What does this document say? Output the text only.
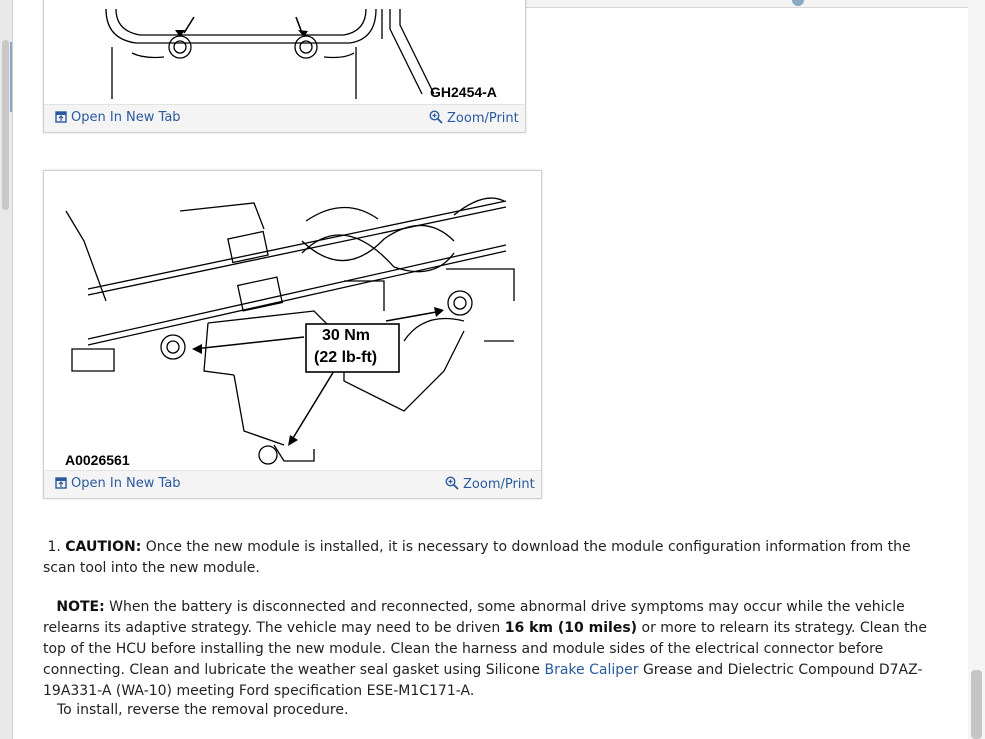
GH2454-A
Open In New Tab	Zoom/Print
30 Nm
(22 lb-ft)
A0026561
Open In New Tab	Zoom/Print

1. CAUTION: Once the new module is installed, it is necessary to download the module configuration information from the scan tool into the new module.

NOTE: When the battery is disconnected and reconnected, some abnormal drive symptoms may occur while the vehicle relearns its adaptive strategy. The vehicle may need to be driven 16 km (10 miles) or more to relearn its strategy. Clean the top of the HCU before installing the new module. Clean the harness and module sides of the electrical connector before connecting. Clean and lubricate the weather seal gasket using Silicone Brake Caliper Grease and Dielectric Compound D7AZ-19A331-A (WA-10) meeting Ford specification ESE-M1C171-A.

To install, reverse the removal procedure.
